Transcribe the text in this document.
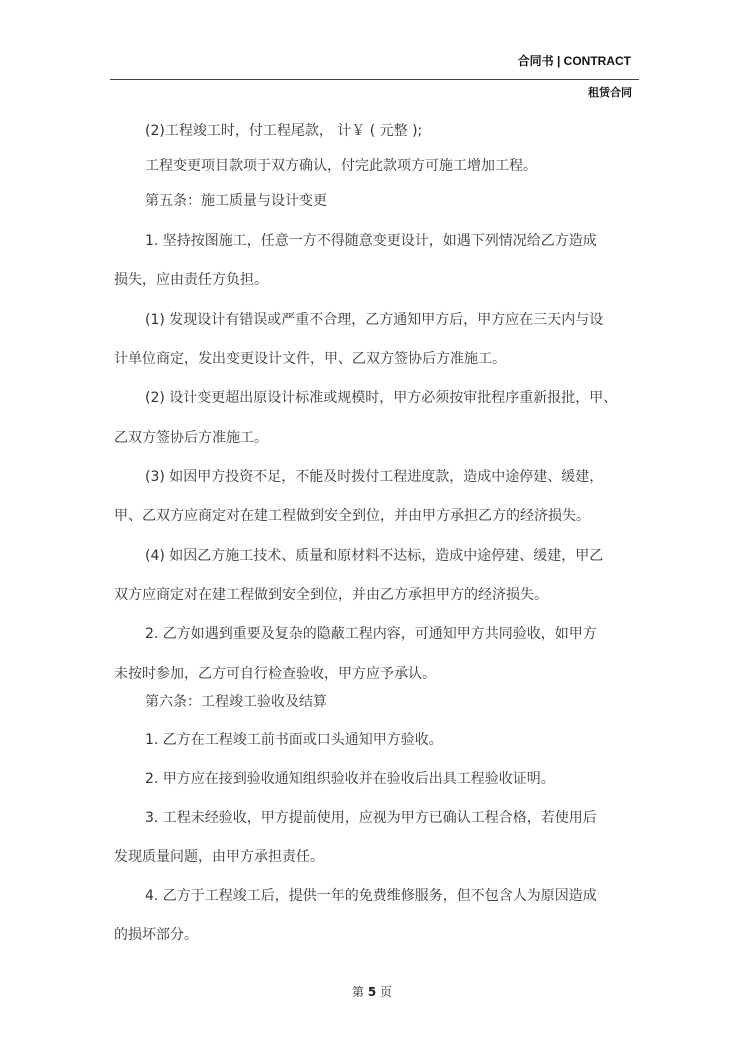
合同书 | CONTRACT
租赁合同
(2)工程竣工时，付工程尾款， 计￥ ( 元整 );
工程变更项目款项于双方确认，付完此款项方可施工增加工程。
第五条：施工质量与设计变更
1. 坚持按图施工，任意一方不得随意变更设计，如遇下列情况给乙方造成
损失，应由责任方负担。
(1) 发现设计有错误或严重不合理，乙方通知甲方后，甲方应在三天内与设
计单位商定，发出变更设计文件，甲、乙双方签协后方准施工。
(2) 设计变更超出原设计标准或规模时，甲方必须按审批程序重新报批，甲、
乙双方签协后方准施工。
(3) 如因甲方投资不足，不能及时拨付工程进度款，造成中途停建、缓建，
甲、乙双方应商定对在建工程做到安全到位，并由甲方承担乙方的经济损失。
(4) 如因乙方施工技术、质量和原材料不达标，造成中途停建、缓建，甲乙
双方应商定对在建工程做到安全到位，并由乙方承担甲方的经济损失。
2. 乙方如遇到重要及复杂的隐蔽工程内容，可通知甲方共同验收，如甲方
未按时参加，乙方可自行检查验收，甲方应予承认。
第六条：工程竣工验收及结算
1. 乙方在工程竣工前书面或口头通知甲方验收。
2. 甲方应在接到验收通知组织验收并在验收后出具工程验收证明。
3. 工程未经验收，甲方提前使用，应视为甲方已确认工程合格，若使用后
发现质量问题，由甲方承担责任。
4. 乙方于工程竣工后，提供一年的免费维修服务，但不包含人为原因造成
的损坏部分。
第 5 页
